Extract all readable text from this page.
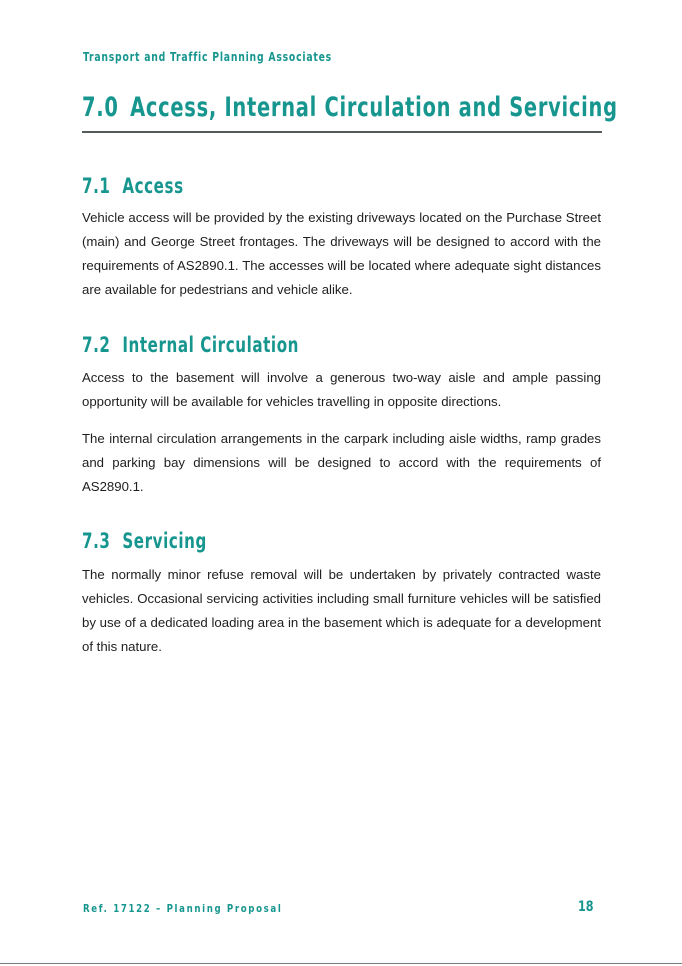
Transport and Traffic Planning Associates
7.0 Access, Internal Circulation and Servicing
7.1 Access

Vehicle access will be provided by the existing driveways located on the Purchase Street (main) and George Street frontages. The driveways will be designed to accord with the requirements of AS2890.1. The accesses will be located where adequate sight distances are available for pedestrians and vehicle alike.

7.2 Internal Circulation

Access to the basement will involve a generous two-way aisle and ample passing opportunity will be available for vehicles travelling in opposite directions.

The internal circulation arrangements in the carpark including aisle widths, ramp grades and parking bay dimensions will be designed to accord with the requirements of AS2890.1.

7.3 Servicing

The normally minor refuse removal will be undertaken by privately contracted waste vehicles. Occasional servicing activities including small furniture vehicles will be satisfied by use of a dedicated loading area in the basement which is adequate for a development of this nature.

Ref. 17122 – Planning Proposal	18
